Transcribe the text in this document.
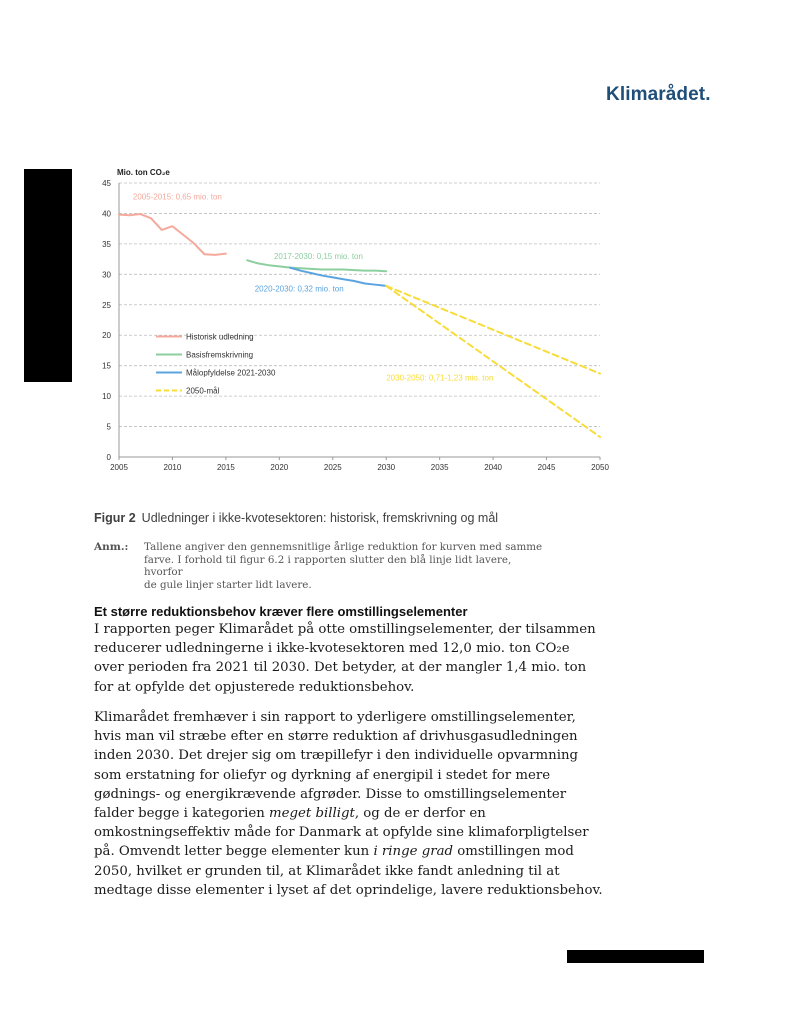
Klimarådet.
0
5
10
15
20
25
30
35
40
45
2005	2010	2015	2020	2025	2030	2035	2040	2045	2050
Mio. ton CO₂e
2005-2015: 0,65 mio. ton
2017-2030: 0,15 mio. ton
2020-2030: 0,32 mio. ton
2030-2050: 0,71-1,23 mio. ton
Historisk udledning
Basisfremskrivning
Målopfyldelse 2021-2030
2050-mål
Figur 2 Udledninger i ikke-kvotesektoren: historisk, fremskrivning og mål
Anm.: Tallene angiver den gennemsnitlige årlige reduktion for kurven med samme
farve. I forhold til figur 6.2 i rapporten slutter den blå linje lidt lavere, hvorfor
de gule linjer starter lidt lavere.
Et større reduktionsbehov kræver flere omstillingselementer
I rapporten peger Klimarådet på otte omstillingselementer, der tilsammen
reducerer udledningerne i ikke-kvotesektoren med 12,0 mio. ton CO₂e
over perioden fra 2021 til 2030. Det betyder, at der mangler 1,4 mio. ton
for at opfylde det opjusterede reduktionsbehov.
Klimarådet fremhæver i sin rapport to yderligere omstillingselementer,
hvis man vil stræbe efter en større reduktion af drivhusgasudledningen
inden 2030. Det drejer sig om træpillefyr i den individuelle opvarmning
som erstatning for oliefyr og dyrkning af energipil i stedet for mere
gødnings- og energikrævende afgrøder. Disse to omstillingselementer
falder begge i kategorien meget billigt, og de er derfor en
omkostningseffektiv måde for Danmark at opfylde sine klimaforpligtelser
på. Omvendt letter begge elementer kun i ringe grad omstillingen mod
2050, hvilket er grunden til, at Klimarådet ikke fandt anledning til at
medtage disse elementer i lyset af det oprindelige, lavere reduktionsbehov.
